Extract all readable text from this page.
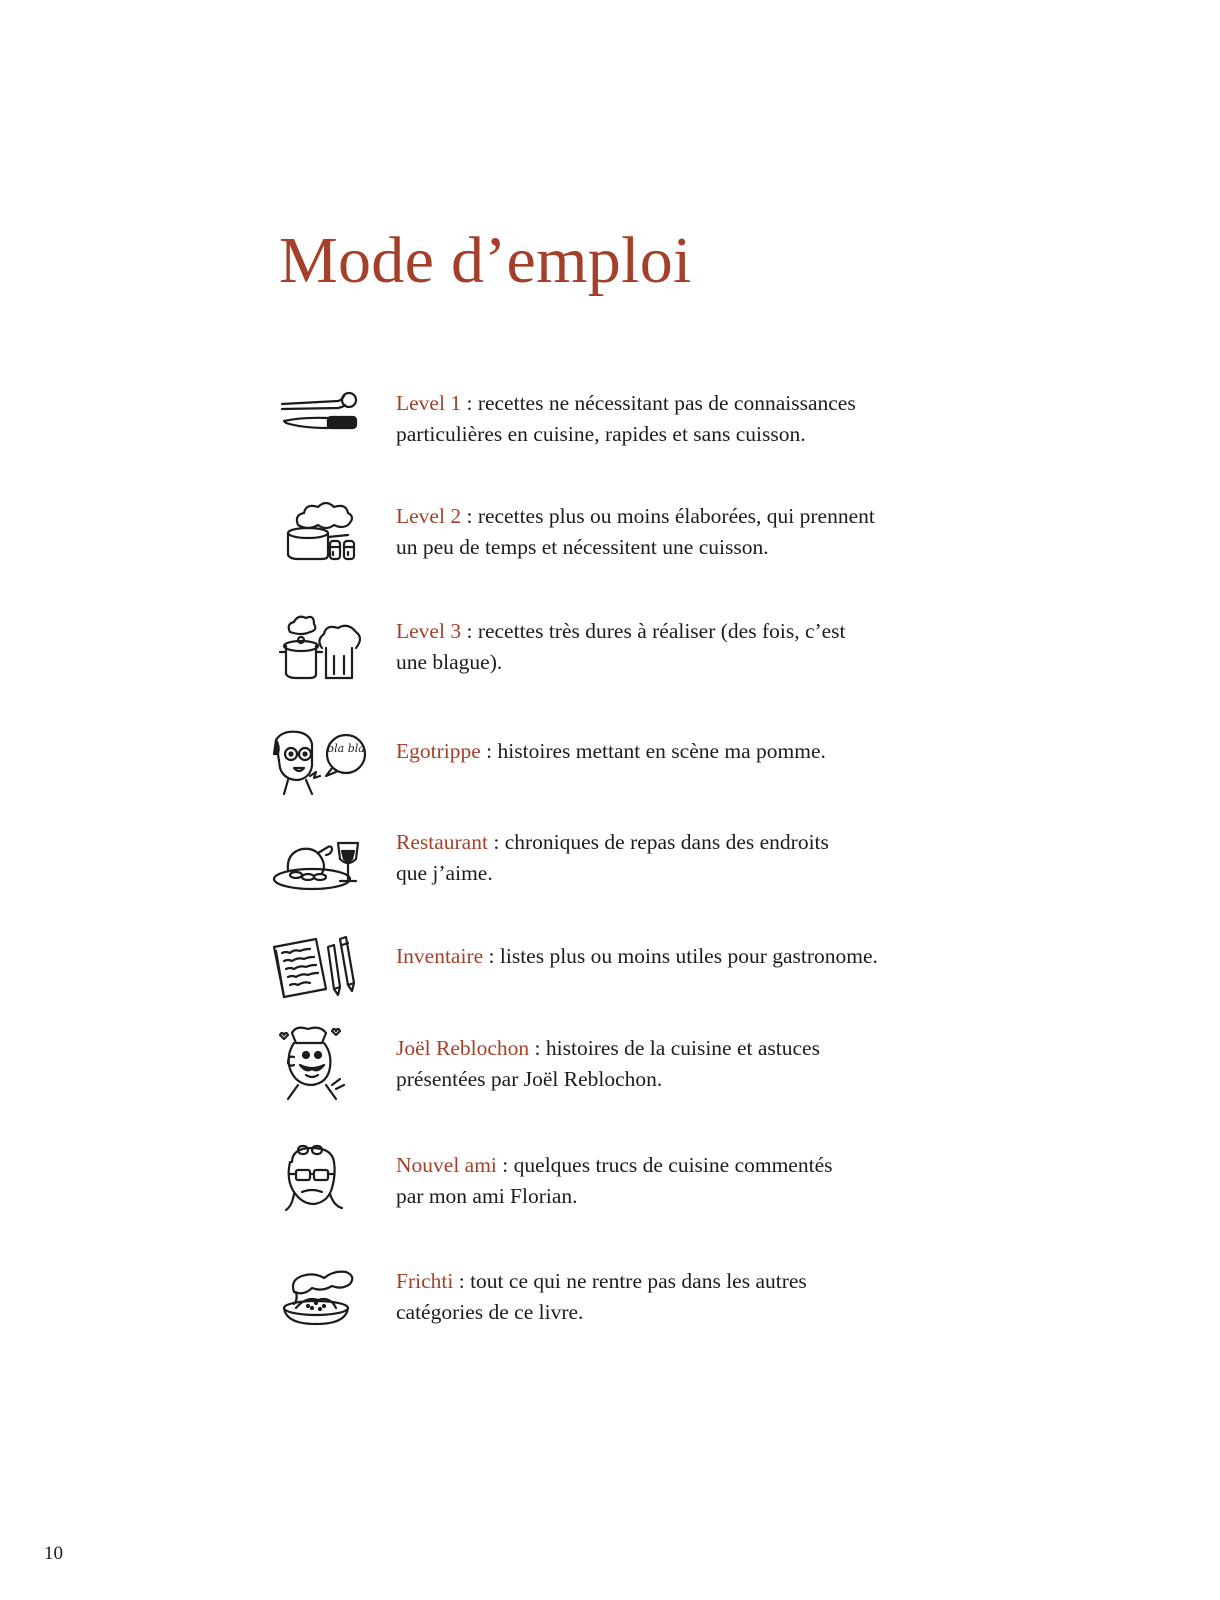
Mode d’emploi
Level 1 : recettes ne nécessitant pas de connaissances
particulières en cuisine, rapides et sans cuisson.
Level 2 : recettes plus ou moins élaborées, qui prennent
un peu de temps et nécessitent une cuisson.
Level 3 : recettes très dures à réaliser (des fois, c’est
une blague).
bla bla Egotrippe : histoires mettant en scène ma pomme.

Restaurant : chroniques de repas dans des endroits
que j’aime.
Inventaire : listes plus ou moins utiles pour gastronome.

Joël Reblochon : histoires de la cuisine et astuces
présentées par Joël Reblochon.
Nouvel ami : quelques trucs de cuisine commentés
par mon ami Florian.
Frichti : tout ce qui ne rentre pas dans les autres
catégories de ce livre.
10
